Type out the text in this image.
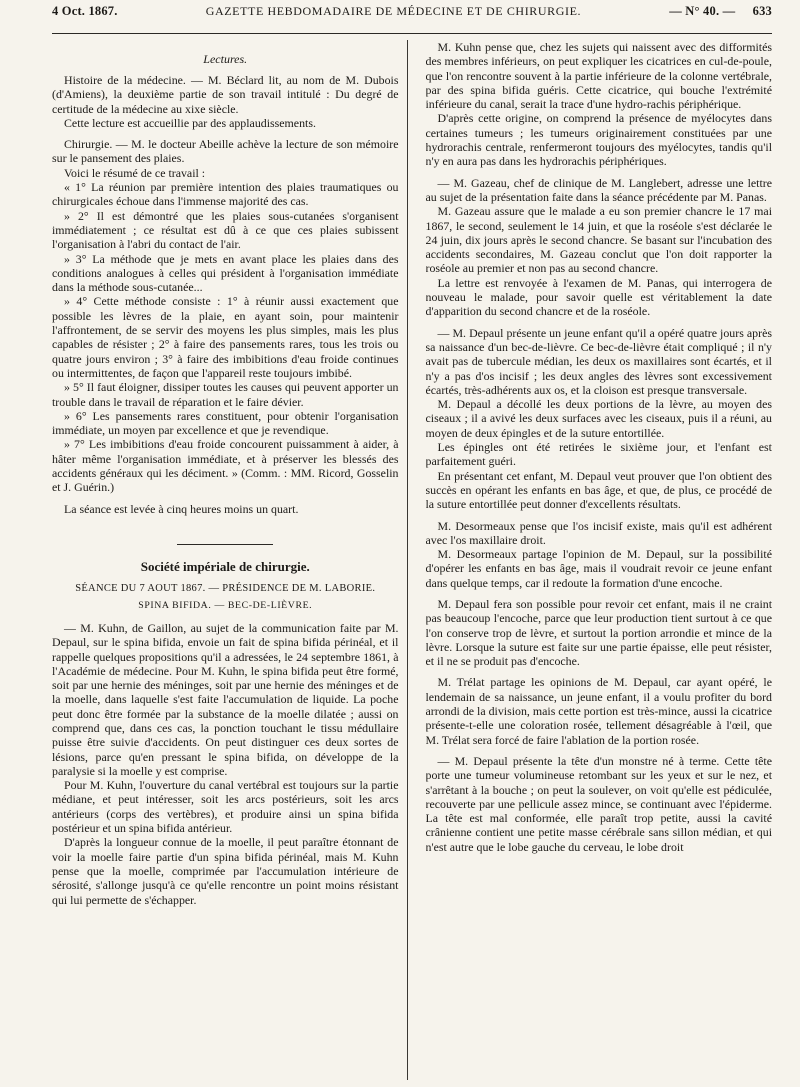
4 Oct. 1867.	GAZETTE HEBDOMADAIRE DE MÉDECINE ET DE CHIRURGIE.	— N° 40. — 633
Lectures.

Histoire de la médecine. — M. Béclard lit, au nom de M. Dubois (d'Amiens), la deuxième partie de son travail intitulé : Du degré de certitude de la médecine au xixe siècle.

Cette lecture est accueillie par des applaudissements.

Chirurgie. — M. le docteur Abeille achève la lecture de son mémoire sur le pansement des plaies.

Voici le résumé de ce travail :

« 1° La réunion par première intention des plaies traumatiques ou chirurgicales échoue dans l'immense majorité des cas.

» 2° Il est démontré que les plaies sous-cutanées s'organisent immédiatement ; ce résultat est dû à ce que ces plaies subissent l'organisation à l'abri du contact de l'air.

» 3° La méthode que je mets en avant place les plaies dans des conditions analogues à celles qui président à l'organisation immédiate dans la méthode sous-cutanée...

» 4° Cette méthode consiste : 1° à réunir aussi exactement que possible les lèvres de la plaie, en ayant soin, pour maintenir l'affrontement, de se servir des moyens les plus simples, mais les plus capables de résister ; 2° à faire des pansements rares, tous les trois ou quatre jours environ ; 3° à faire des imbibitions d'eau froide continues ou intermittentes, de façon que l'appareil reste toujours imbibé.

» 5° Il faut éloigner, dissiper toutes les causes qui peuvent apporter un trouble dans le travail de réparation et le faire dévier.

» 6° Les pansements rares constituent, pour obtenir l'organisation immédiate, un moyen par excellence et que je revendique.

» 7° Les imbibitions d'eau froide concourent puissamment à aider, à hâter même l'organisation immédiate, et à préserver les blessés des accidents généraux qui les déciment. » (Comm. : MM. Ricord, Gosselin et J. Guérin.)

La séance est levée à cinq heures moins un quart.

Société impériale de chirurgie.
SÉANCE DU 7 AOUT 1867. — PRÉSIDENCE DE M. LABORIE.
SPINA BIFIDA. — BEC-DE-LIÈVRE.

— M. Kuhn, de Gaillon, au sujet de la communication faite par M. Depaul, sur le spina bifida, envoie un fait de spina bifida périnéal, et il rappelle quelques propositions qu'il a adressées, le 24 septembre 1861, à l'Académie de médecine. Pour M. Kuhn, le spina bifida peut être formé, soit par une hernie des méninges, soit par une hernie des méninges et de la moelle, dans laquelle s'est faite l'accumulation de liquide. La poche peut donc être formée par la substance de la moelle dilatée ; aussi on comprend que, dans ces cas, la ponction touchant le tissu médullaire puisse être suivie d'accidents. On peut distinguer ces deux sortes de lésions, parce qu'en pressant le spina bifida, on développe de la paralysie si la moelle y est comprise.

Pour M. Kuhn, l'ouverture du canal vertébral est toujours sur la partie médiane, et peut intéresser, soit les arcs postérieurs, soit les arcs antérieurs (corps des vertèbres), et produire ainsi un spina bifida postérieur et un spina bifida antérieur.

D'après la longueur connue de la moelle, il peut paraître étonnant de voir la moelle faire partie d'un spina bifida périnéal, mais M. Kuhn pense que la moelle, comprimée par l'accumulation intérieure de sérosité, s'allonge jusqu'à ce qu'elle rencontre un point moins résistant qui lui permette de s'échapper.

M. Kuhn pense que, chez les sujets qui naissent avec des difformités des membres inférieurs, on peut expliquer les cicatrices en cul-de-poule, que l'on rencontre souvent à la partie inférieure de la colonne vertébrale, par des spina bifida guéris. Cette cicatrice, qui bouche l'extrémité inférieure du canal, serait la trace d'une hydro-rachis périphérique.

D'après cette origine, on comprend la présence de myélocytes dans certaines tumeurs ; les tumeurs originairement constituées par une hydrorachis centrale, renfermeront toujours des myélocytes, tandis qu'il n'y en aura pas dans les hydrorachis périphériques.

— M. Gazeau, chef de clinique de M. Langlebert, adresse une lettre au sujet de la présentation faite dans la séance précédente par M. Panas.

M. Gazeau assure que le malade a eu son premier chancre le 17 mai 1867, le second, seulement le 14 juin, et que la roséole s'est déclarée le 24 juin, dix jours après le second chancre. Se basant sur l'incubation des accidents secondaires, M. Gazeau conclut que l'on doit rapporter la roséole au premier et non pas au second chancre.

La lettre est renvoyée à l'examen de M. Panas, qui interrogera de nouveau le malade, pour savoir quelle est véritablement la date d'apparition du second chancre et de la roséole.

— M. Depaul présente un jeune enfant qu'il a opéré quatre jours après sa naissance d'un bec-de-lièvre. Ce bec-de-lièvre était compliqué ; il n'y avait pas de tubercule médian, les deux os maxillaires sont écartés, et il n'y a pas d'os incisif ; les deux angles des lèvres sont excessivement écartés, très-adhérents aux os, et la cloison est presque transversale.

M. Depaul a décollé les deux portions de la lèvre, au moyen des ciseaux ; il a avivé les deux surfaces avec les ciseaux, puis il a réuni, au moyen de deux épingles et de la suture entortillée.

Les épingles ont été retirées le sixième jour, et l'enfant est parfaitement guéri.

En présentant cet enfant, M. Depaul veut prouver que l'on obtient des succès en opérant les enfants en bas âge, et que, de plus, ce procédé de la suture entortillée peut donner d'excellents résultats.

M. Desormeaux pense que l'os incisif existe, mais qu'il est adhérent avec l'os maxillaire droit.

M. Desormeaux partage l'opinion de M. Depaul, sur la possibilité d'opérer les enfants en bas âge, mais il voudrait revoir ce jeune enfant dans quelque temps, car il redoute la formation d'une encoche.

M. Depaul fera son possible pour revoir cet enfant, mais il ne craint pas beaucoup l'encoche, parce que leur production tient surtout à ce que l'on conserve trop de lèvre, et surtout la portion arrondie et mince de la lèvre. Lorsque la suture est faite sur une partie épaisse, elle peut résister, et il ne se produit pas d'encoche.

M. Trélat partage les opinions de M. Depaul, car ayant opéré, le lendemain de sa naissance, un jeune enfant, il a voulu profiter du bord arrondi de la division, mais cette portion est très-mince, aussi la cicatrice présente-t-elle une coloration rosée, tellement désagréable à l'œil, que M. Trélat sera forcé de faire l'ablation de la portion rosée.

— M. Depaul présente la tête d'un monstre né à terme. Cette tête porte une tumeur volumineuse retombant sur les yeux et sur le nez, et s'arrêtant à la bouche ; on peut la soulever, on voit qu'elle est pédiculée, recouverte par une pellicule assez mince, se continuant avec l'épiderme. La tête est mal conformée, elle paraît trop petite, aussi la cavité crânienne contient une petite masse cérébrale sans sillon médian, et qui n'est autre que le lobe gauche du cerveau, le lobe droit
